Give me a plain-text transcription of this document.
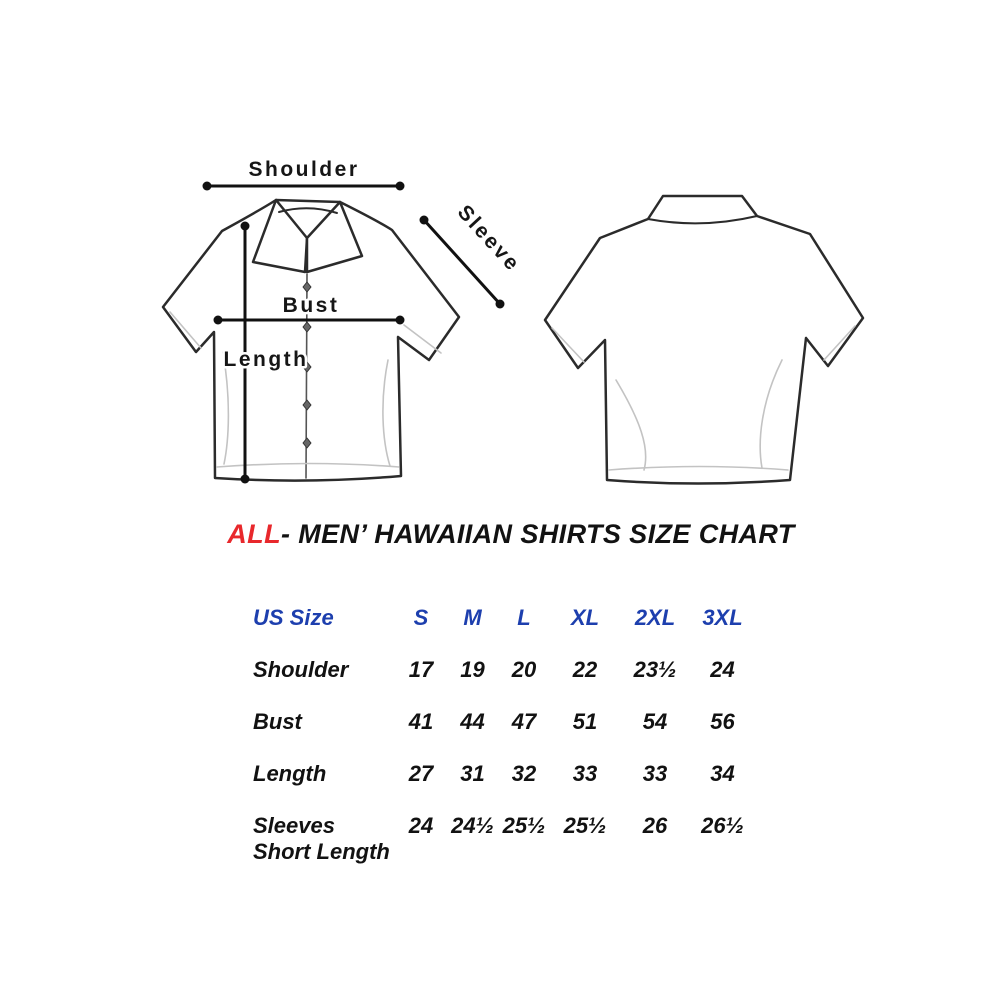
Shoulder
Sleeve
Bust
Length
ALL- MEN’ HAWAIIAN SHIRTS SIZE CHART
US Size	S	M	L	XL	2XL	3XL
Shoulder	17	19	20	22	23½	24
Bust	41	44	47	51	54	56
Length	27	31	32	33	33	34
Sleeves
Short Length
24 24½ 25½ 25½	26	26½
